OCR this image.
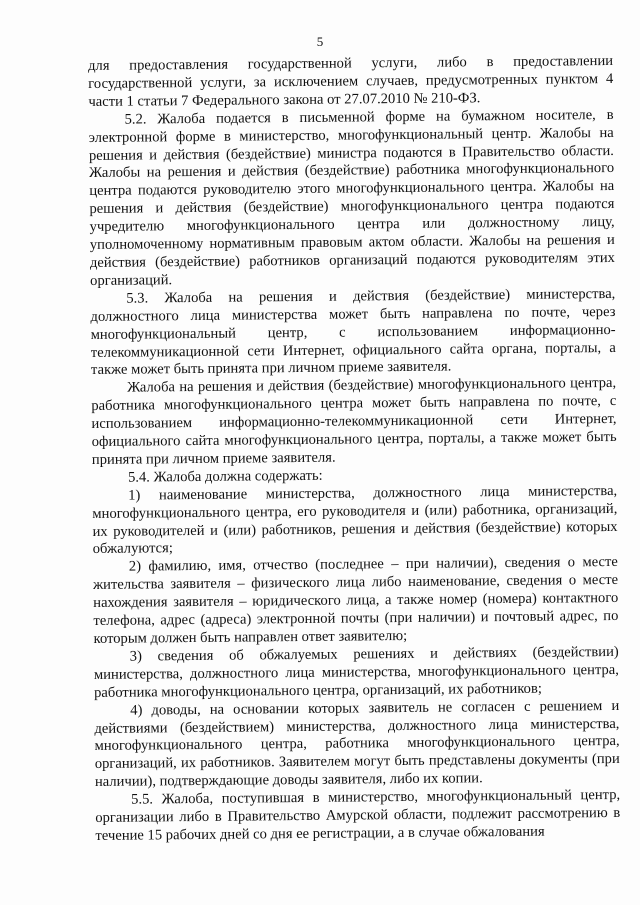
5

для предоставления государственной услуги, либо в предоставлении государственной услуги, за исключением случаев, предусмотренных пунктом 4 части 1 статьи 7 Федерального закона от 27.07.2010 № 210-ФЗ.

5.2. Жалоба подается в письменной форме на бумажном носителе, в электронной форме в министерство, многофункциональный центр. Жалобы на решения и действия (бездействие) министра подаются в Правительство области. Жалобы на решения и действия (бездействие) работника многофункционального центра подаются руководителю этого многофункционального центра. Жалобы на решения и действия (бездействие) многофункционального центра подаются учредителю многофункционального центра или должностному лицу, уполномоченному нормативным правовым актом области. Жалобы на решения и действия (бездействие) работников организаций подаются руководителям этих организаций.

5.3. Жалоба на решения и действия (бездействие) министерства, должностного лица министерства может быть направлена по почте, через многофункциональный центр, с использованием информационно-телекоммуникационной сети Интернет, официального сайта органа, порталы, а также может быть принята при личном приеме заявителя.

Жалоба на решения и действия (бездействие) многофункционального центра, работника многофункционального центра может быть направлена по почте, с использованием информационно-телекоммуникационной сети Интернет, официального сайта многофункционального центра, порталы, а также может быть принята при личном приеме заявителя.

5.4. Жалоба должна содержать:

1) наименование министерства, должностного лица министерства, многофункционального центра, его руководителя и (или) работника, организаций, их руководителей и (или) работников, решения и действия (бездействие) которых обжалуются;

2) фамилию, имя, отчество (последнее – при наличии), сведения о месте жительства заявителя – физического лица либо наименование, сведения о месте нахождения заявителя – юридического лица, а также номер (номера) контактного телефона, адрес (адреса) электронной почты (при наличии) и почтовый адрес, по которым должен быть направлен ответ заявителю;

3) сведения об обжалуемых решениях и действиях (бездействии) министерства, должностного лица министерства, многофункционального центра, работника многофункционального центра, организаций, их работников;

4) доводы, на основании которых заявитель не согласен с решением и действиями (бездействием) министерства, должностного лица министерства, многофункционального центра, работника многофункционального центра, организаций, их работников. Заявителем могут быть представлены документы (при наличии), подтверждающие доводы заявителя, либо их копии.

5.5. Жалоба, поступившая в министерство, многофункциональный центр, организации либо в Правительство Амурской области, подлежит рассмотрению в течение 15 рабочих дней со дня ее регистрации, а в случае обжалования
